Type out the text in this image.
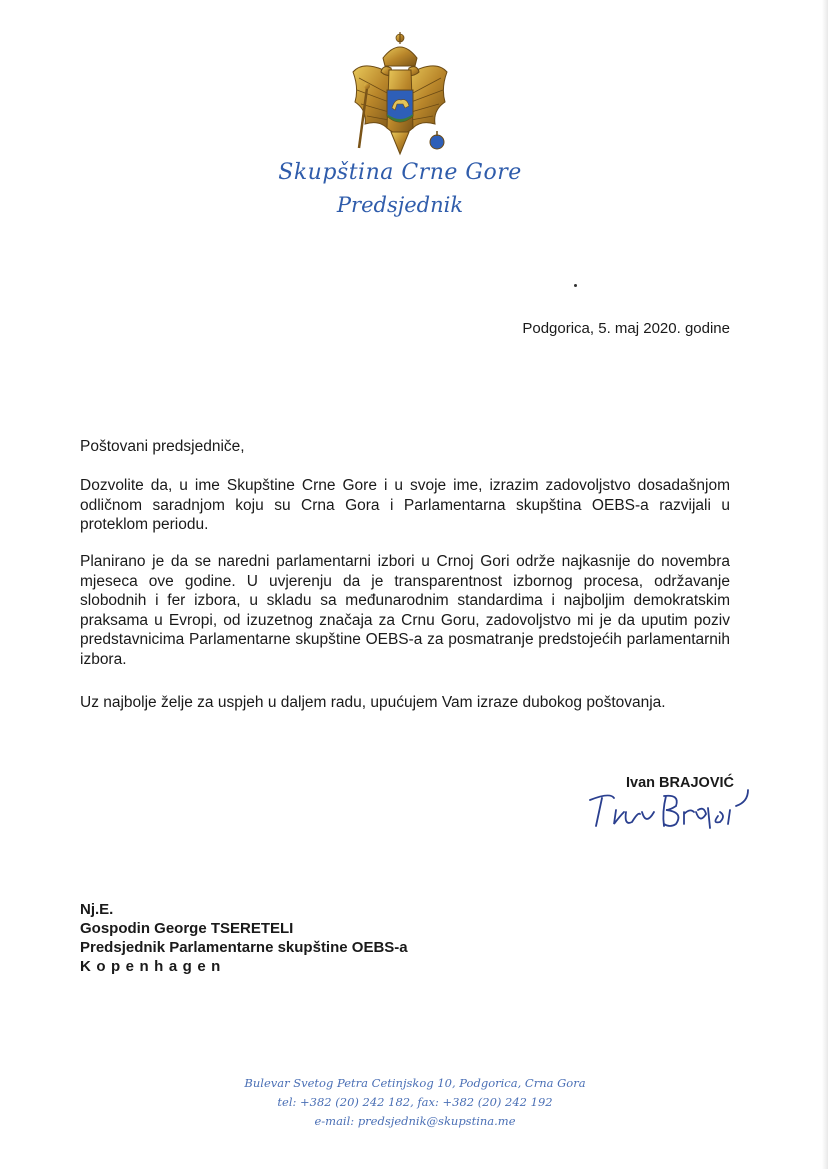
Skupština Crne Gore
Predsjednik
Podgorica, 5. maj 2020. godine
Poštovani predsjedniče,
Dozvolite da, u ime Skupštine Crne Gore i u svoje ime, izrazim zadovoljstvo dosadašnjom odličnom saradnjom koju su Crna Gora i Parlamentarna skupština OEBS-a razvijali u proteklom periodu.
Planirano je da se naredni parlamentarni izbori u Crnoj Gori održe najkasnije do novembra mjeseca ove godine. U uvjerenju da je transparentnost izbornog procesa, održavanje slobodnih i fer izbora, u skladu sa međunarodnim standardima i najboljim demokratskim praksama u Evropi, od izuzetnog značaja za Crnu Goru, zadovoljstvo mi je da uputim poziv predstavnicima Parlamentarne skupštine OEBS-a za posmatranje predstojećih parlamentarnih izbora.
Uz najbolje želje za uspjeh u daljem radu, upućujem Vam izraze dubokog poštovanja.
Ivan BRAJOVIĆ
Nj.E.
Gospodin George TSERETELI
Predsjednik Parlamentarne skupštine OEBS-a
Kopenhagen
Bulevar Svetog Petra Cetinjskog 10, Podgorica, Crna Gora
tel: +382 (20) 242 182, fax: +382 (20) 242 192
e-mail: predsjednik@skupstina.me
